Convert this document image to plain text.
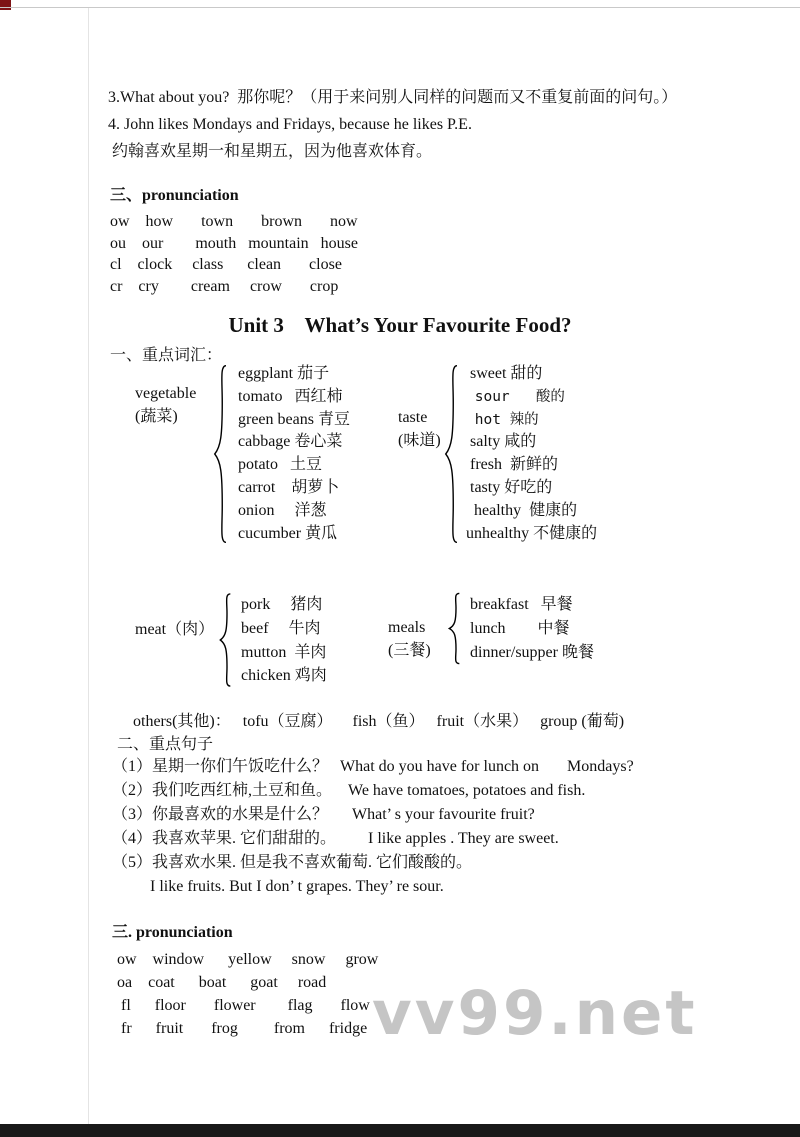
3.What about you?  那你呢？（用于来问别人同样的问题而又不重复前面的问句。）
4. John likes Mondays and Fridays, because he likes P.E.
约翰喜欢星期一和星期五，因为他喜欢体育。
三、pronunciation
ow    how       town       brown       now
ou    our        mouth   mountain   house
cl    clock     class      clean       close
cr    cry        cream     crow       crop
Unit 3    What’s Your Favourite Food?
一、重点词汇：
vegetable
(蔬菜)
eggplant 茄子
tomato   西红柿
green beans 青豆
cabbage 卷心菜
potato   土豆
carrot    胡萝卜
onion     洋葱
cucumber 黄瓜
taste
(味道)
sweet 甜的
sour   酸的
hot 辣的
salty 咸的
fresh  新鲜的
tasty 好吃的
healthy  健康的
unhealthy 不健康的
meat（肉）
pork     猪肉
beef     牛肉
mutton  羊肉
chicken 鸡肉
meals
(三餐)
breakfast   早餐
lunch        中餐
dinner/supper 晚餐
others(其他)：   tofu（豆腐）     fish（鱼）   fruit（水果）   group (葡萄)
二、重点句子
（1）星期一你们午饭吃什么？   What do you have for lunch on       Mondays?
（2）我们吃西红柿,土豆和鱼。    We have tomatoes, potatoes and fish.
（3）你最喜欢的水果是什么？      What’ s your favourite fruit?
（4）我喜欢苹果. 它们甜甜的。        I like apples . They are sweet.
（5）我喜欢水果. 但是我不喜欢葡萄. 它们酸酸的。
I like fruits. But I don’ t grapes. They’ re sour.
三. pronunciation
ow    window      yellow     snow     grow
oa    coat      boat      goat     road
fl      floor       flower        flag       flow
fr      fruit       frog         from      fridge vv99.net
